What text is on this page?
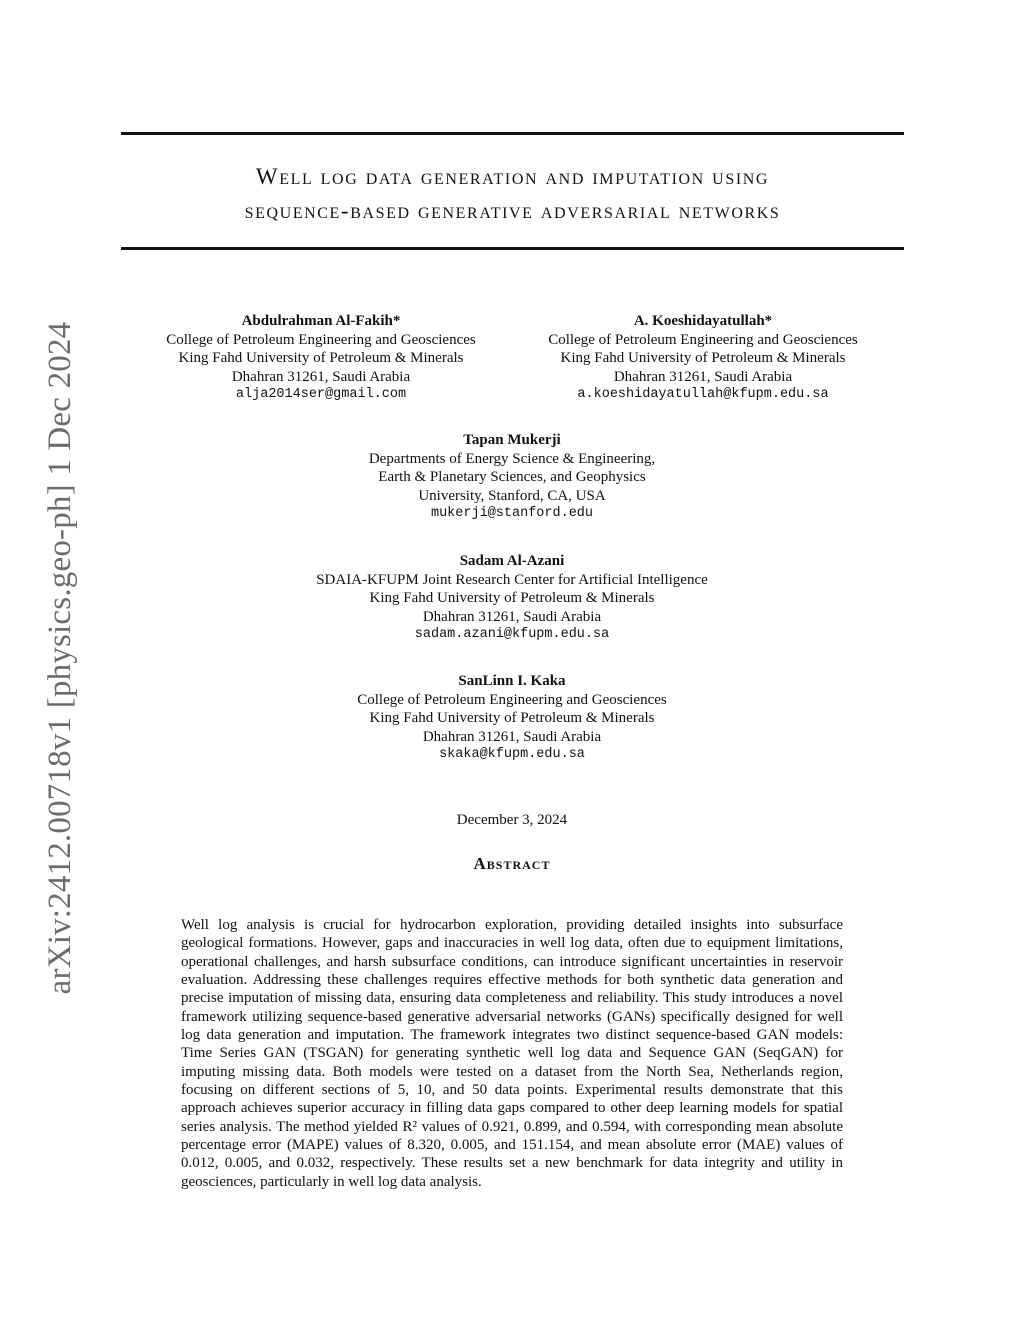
arXiv:2412.00718v1 [physics.geo-ph] 1 Dec 2024
Well log data generation and imputation using
sequence-based generative adversarial networks
Abdulrahman Al-Fakih*
College of Petroleum Engineering and Geosciences
King Fahd University of Petroleum & Minerals
Dhahran 31261, Saudi Arabia
alja2014ser@gmail.com
A. Koeshidayatullah*
College of Petroleum Engineering and Geosciences
King Fahd University of Petroleum & Minerals
Dhahran 31261, Saudi Arabia
a.koeshidayatullah@kfupm.edu.sa
Tapan Mukerji
Departments of Energy Science & Engineering,
Earth & Planetary Sciences, and Geophysics
University, Stanford, CA, USA
mukerji@stanford.edu
Sadam Al-Azani
SDAIA-KFUPM Joint Research Center for Artificial Intelligence
King Fahd University of Petroleum & Minerals
Dhahran 31261, Saudi Arabia
sadam.azani@kfupm.edu.sa
SanLinn I. Kaka
College of Petroleum Engineering and Geosciences
King Fahd University of Petroleum & Minerals
Dhahran 31261, Saudi Arabia
skaka@kfupm.edu.sa
December 3, 2024
Abstract
Well log analysis is crucial for hydrocarbon exploration, providing detailed insights into subsurface geological formations. However, gaps and inaccuracies in well log data, often due to equipment limitations, operational challenges, and harsh subsurface conditions, can introduce significant uncertainties in reservoir evaluation. Addressing these challenges requires effective methods for both synthetic data generation and precise imputation of missing data, ensuring data completeness and reliability. This study introduces a novel framework utilizing sequence-based generative adversarial networks (GANs) specifically designed for well log data generation and imputation. The framework integrates two distinct sequence-based GAN models: Time Series GAN (TSGAN) for generating synthetic well log data and Sequence GAN (SeqGAN) for imputing missing data. Both models were tested on a dataset from the North Sea, Netherlands region, focusing on different sections of 5, 10, and 50 data points. Experimental results demonstrate that this approach achieves superior accuracy in filling data gaps compared to other deep learning models for spatial series analysis. The method yielded R² values of 0.921, 0.899, and 0.594, with corresponding mean absolute percentage error (MAPE) values of 8.320, 0.005, and 151.154, and mean absolute error (MAE) values of 0.012, 0.005, and 0.032, respectively. These results set a new benchmark for data integrity and utility in geosciences, particularly in well log data analysis.
